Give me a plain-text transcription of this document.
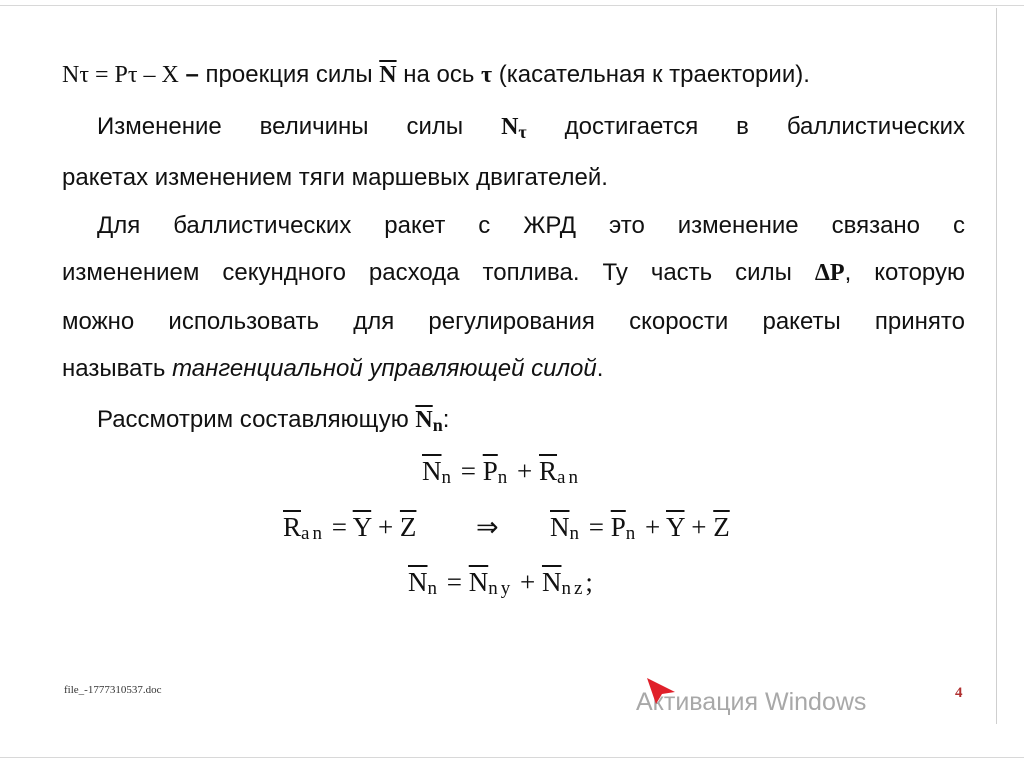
Nτ = Pτ – X – проекция силы $\overline{N}$ на ось τ (касательная к траектории).
Изменение величины силы Nτ достигается в баллистических
ракетах изменением тяги маршевых двигателей.
Для баллистических ракет с ЖРД это изменение связано с
изменением секундного расхода топлива. Ту часть силы ΔP, которую
можно использовать для регулирования скорости ракеты принято
называть тангенциальной управляющей силой.
Рассмотрим составляющую $\overline{N}n$:
$\overline{N}n = \overline{P}n + \overline{R}an$
$\overline{R}an = \overline{Y} + \overline{Z}$ ⇒ $\overline{N}n = \overline{P}n + \overline{Y} + \overline{Z}$
$\overline{N}n = \overline{N}ny + \overline{N}nz$;
file_-1777310537.doc	Активация Windows	4
